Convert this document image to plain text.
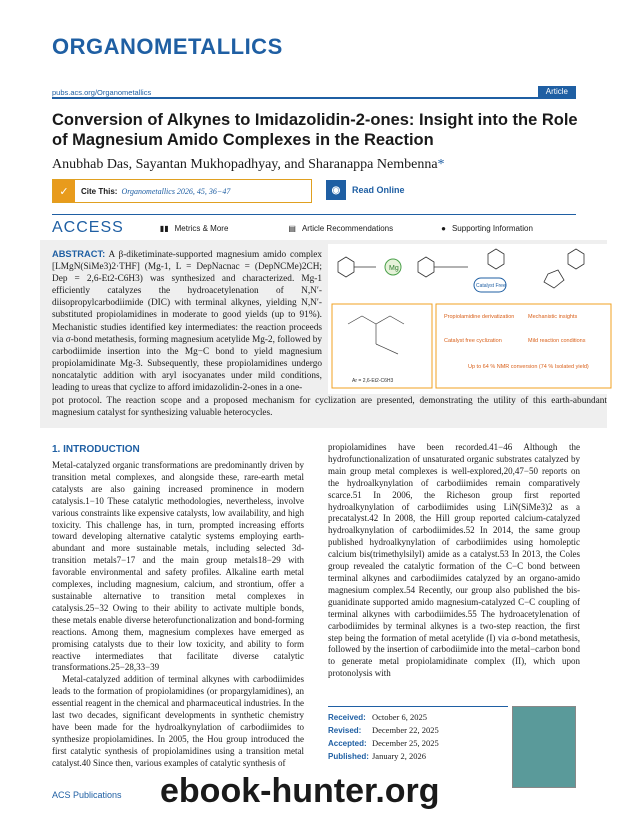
ORGANOMETALLICS
pubs.acs.org/Organometallics	Article
Conversion of Alkynes to Imidazolidin-2-ones: Insight into the Role of Magnesium Amido Complexes in the Reaction
Anubhab Das, Sayantan Mukhopadhyay, and Sharanappa Nembenna*
✓	Cite This: Organometallics 2026, 45, 36−47	◉	Read Online
ACCESS	▮▮ Metrics & More	▤ Article Recommendations	● Supporting Information
ABSTRACT: A β-diketiminate-supported magnesium amido complex [LMgN(SiMe3)2·THF] (Mg-1, L = DepNacnac = (DepNCMe)2CH; Dep = 2,6-Et2-C6H3) was synthesized and characterized. Mg-1 efficiently catalyzes the hydroacetylenation of N,N′-diisopropylcarbodiimide (DIC) with terminal alkynes, yielding N,N′-substituted propiolamidines in moderate to good yields (up to 91%). Mechanistic studies identified key intermediates: the reaction proceeds via σ-bond metathesis, forming magnesium acetylide Mg-2, followed by carbodiimide insertion into the Mg−C bond to yield magnesium propiolamidinate Mg-3. Subsequently, these propiolamidines undergo noncatalytic addition with aryl isocyanates under mild conditions, leading to ureas that cyclize to afford imidazolidin-2-ones in a one-
Mg
Catalyst Free
Ar = 2,6-Et2-C6H3
Propiolamidine derivatization Mechanistic insights
Catalyst free cyclization	Mild reaction conditions
Up to 64 % NMR conversion (74 % Isolated yield)
pot protocol. The reaction scope and a proposed mechanism for cyclization are presented, demonstrating the utility of this earth-abundant magnesium catalyst for synthesizing valuable heterocycles.
1. INTRODUCTION

Metal-catalyzed organic transformations are predominantly driven by transition metal complexes, and alongside these, rare-earth metal catalysts are also gaining increased prominence in modern catalysis.1−10 These catalytic methodologies, nevertheless, involve various constraints like expensive catalysts, low availability, and high toxicity. This challenge has, in turn, prompted increasing efforts toward developing alternative catalytic systems employing earth-abundant and more sustainable metals, including selected 3d-transition metals7−17 and the main group metals18−29 with favorable environmental and safety profiles. Alkaline earth metal complexes, including magnesium, calcium, and strontium, offer a sustainable alternative to transition metal complexes in catalysis.25−32 Owing to their ability to activate multiple bonds, these metals enable diverse heterofunctionalization and bond-forming reactions. Among them, magnesium complexes have emerged as promising catalysts due to their low toxicity, and ability to form reactive intermediates that facilitate diverse catalytic transformations.25−28,33−39

Metal-catalyzed addition of terminal alkynes with carbodiimides leads to the formation of propiolamidines (or propargylamidines), an essential reagent in the chemical and pharmaceutical industries. In the last two decades, significant developments in synthetic chemistry have been made for the hydroalkynylation of carbodiimides to synthesize propiolamidines. In 2005, the Hou group introduced the first catalytic synthesis of propiolamidines using a transition metal catalyst.40 Since then, various examples of catalytic synthesis of

propiolamidines have been recorded.41−46 Although the hydrofunctionalization of unsaturated organic substrates catalyzed by main group metal complexes is well-explored,20,47−50 reports on the hydroalkynylation of carbodiimides remain comparatively scarce.51 In 2006, the Richeson group first reported hydroalkynylation of carbodiimides using LiN(SiMe3)2 as a precatalyst.42 In 2008, the Hill group reported calcium-catalyzed hydroalkynylation of carbodiimides.52 In 2014, the same group published hydroalkynylation of carbodiimides using homoleptic calcium bis(trimethylsilyl) amide as a catalyst.53 In 2013, the Coles group revealed the catalytic formation of the C−C bond between terminal alkynes and carbodiimides catalyzed by an organo-amido magnesium complex.54 Recently, our group also published the bis-guanidinate supported amido magnesium-catalyzed C−C coupling of terminal alkynes with carbodiimides.55 The hydroacetylenation of carbodiimides by terminal alkynes is a two-step reaction, the first step being the formation of metal acetylide (I) via σ-bond metathesis, followed by the insertion of carbodiimide into the metal−carbon bond to generate metal propiolamidinate complex (II), which upon protonolysis with

Received: October 6, 2025
Revised: December 22, 2025
Accepted: December 25, 2025
Published: January 2, 2026
ACS Publications ebook-hunter.org
